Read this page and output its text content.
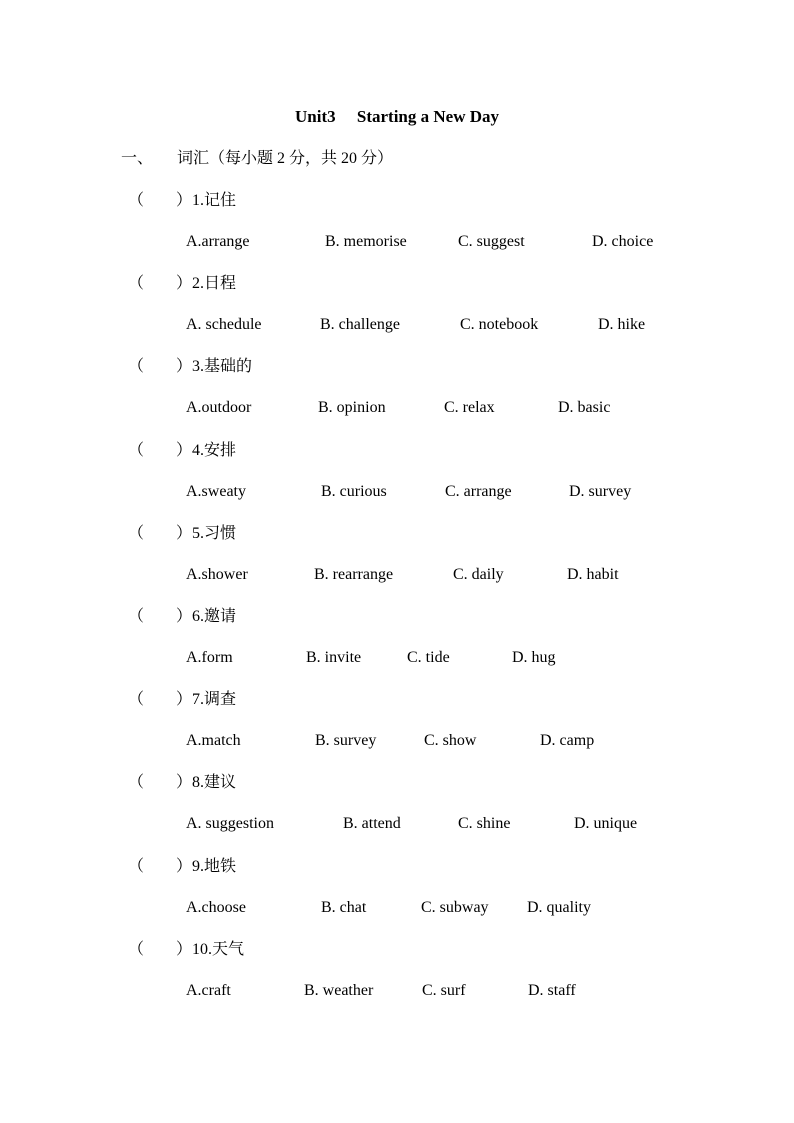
Unit3     Starting a New Day
一、 词汇（每小题 2 分，共 20 分）
（ ）1.记住
A.arrange	B. memorise	C. suggest	D. choice
（ ）2.日程
A. schedule	B. challenge	C. notebook	D. hike
（ ）3.基础的
A.outdoor	B. opinion	C. relax	D. basic
（ ）4.安排
A.sweaty	B. curious	C. arrange	D. survey
（ ）5.习惯
A.shower	B. rearrange	C. daily	D. habit
（ ）6.邀请
A.form	B. invite	C. tide	D. hug
（ ）7.调查
A.match	B. survey	C. show	D. camp
（ ）8.建议
A. suggestion	B. attend	C. shine	D. unique
（ ）9.地铁
A.choose	B. chat	C. subway D. quality
（ ）10.天气
A.craft	B. weather	C. surf	D. staff
